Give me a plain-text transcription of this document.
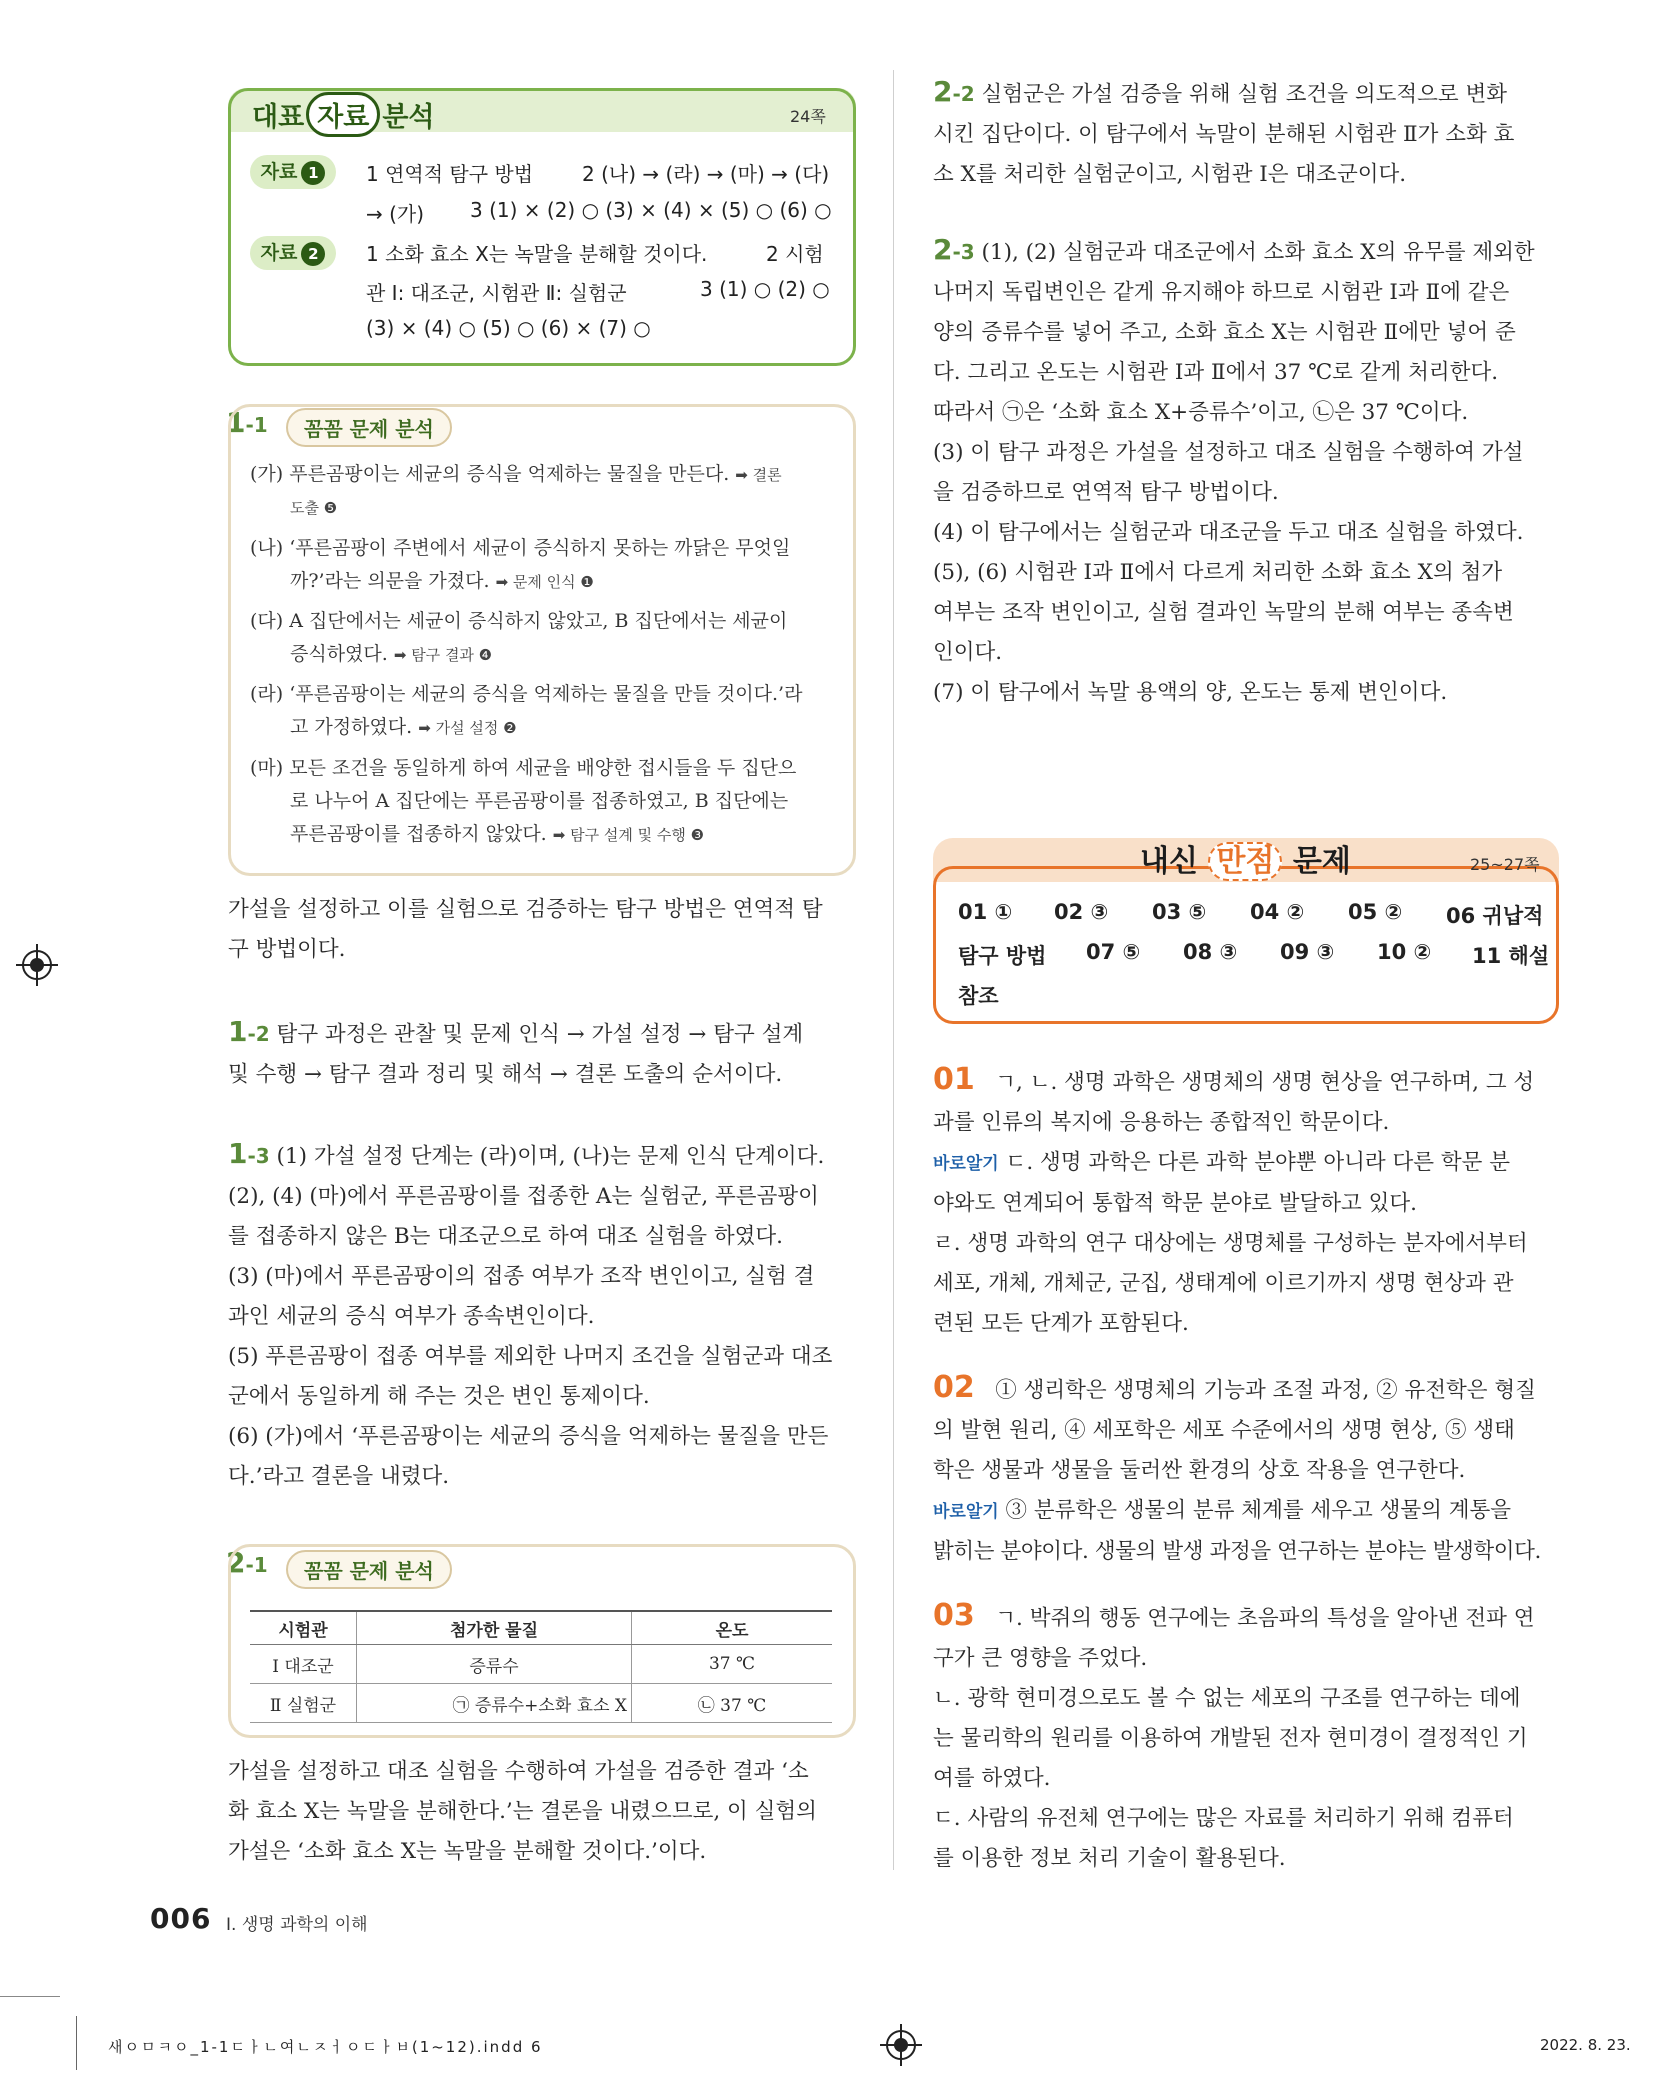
대표 자료 분석	24쪽
자료 1	1 연역적 탐구 방법 2 (나) → (라) → (마) → (다)
→ (가) 3 (1) × (2) ○ (3) × (4) × (5) ○ (6) ○
자료 2	1 소화 효소 X는 녹말을 분해할 것이다.	2 시험
관 Ⅰ: 대조군, 시험관 Ⅱ: 실험군	3 (1) ○ (2) ○
(3) × (4) ○ (5) ○ (6) × (7) ○
1-1	꼼꼼 문제 분석
(가) 푸른곰팡이는 세균의 증식을 억제하는 물질을 만든다. ➡ 결론
도출 ❺
(나) ‘푸른곰팡이 주변에서 세균이 증식하지 못하는 까닭은 무엇일
까?’라는 의문을 가졌다. ➡ 문제 인식 ❶
(다) A 집단에서는 세균이 증식하지 않았고, B 집단에서는 세균이
증식하였다. ➡ 탐구 결과 ❹
(라) ‘푸른곰팡이는 세균의 증식을 억제하는 물질을 만들 것이다.’라
고 가정하였다. ➡ 가설 설정 ❷
(마) 모든 조건을 동일하게 하여 세균을 배양한 접시들을 두 집단으
로 나누어 A 집단에는 푸른곰팡이를 접종하였고, B 집단에는
푸른곰팡이를 접종하지 않았다. ➡ 탐구 설계 및 수행 ❸
가설을 설정하고 이를 실험으로 검증하는 탐구 방법은 연역적 탐
구 방법이다.
1-2 탐구 과정은 관찰 및 문제 인식 → 가설 설정 → 탐구 설계
및 수행 → 탐구 결과 정리 및 해석 → 결론 도출의 순서이다.
1-3 (1) 가설 설정 단계는 (라)이며, (나)는 문제 인식 단계이다.
(2), (4) (마)에서 푸른곰팡이를 접종한 A는 실험군, 푸른곰팡이
를 접종하지 않은 B는 대조군으로 하여 대조 실험을 하였다.
(3) (마)에서 푸른곰팡이의 접종 여부가 조작 변인이고, 실험 결
과인 세균의 증식 여부가 종속변인이다.
(5) 푸른곰팡이 접종 여부를 제외한 나머지 조건을 실험군과 대조
군에서 동일하게 해 주는 것은 변인 통제이다.
(6) (가)에서 ‘푸른곰팡이는 세균의 증식을 억제하는 물질을 만든
다.’라고 결론을 내렸다.
2-1	꼼꼼 문제 분석
시험관	첨가한 물질	온도
Ⅰ 대조군	증류수	37 ℃
Ⅱ 실험군	㉠ 증류수+소화 효소 X	㉡ 37 ℃
가설을 설정하고 대조 실험을 수행하여 가설을 검증한 결과 ‘소
화 효소 X는 녹말을 분해한다.’는 결론을 내렸으므로, 이 실험의
가설은 ‘소화 효소 X는 녹말을 분해할 것이다.’이다.
2-2 실험군은 가설 검증을 위해 실험 조건을 의도적으로 변화
시킨 집단이다. 이 탐구에서 녹말이 분해된 시험관 Ⅱ가 소화 효
소 X를 처리한 실험군이고, 시험관 Ⅰ은 대조군이다.
2-3 (1), (2) 실험군과 대조군에서 소화 효소 X의 유무를 제외한
나머지 독립변인은 같게 유지해야 하므로 시험관 Ⅰ과 Ⅱ에 같은
양의 증류수를 넣어 주고, 소화 효소 X는 시험관 Ⅱ에만 넣어 준
다. 그리고 온도는 시험관 Ⅰ과 Ⅱ에서 37 ℃로 같게 처리한다.
따라서 ㉠은 ‘소화 효소 X+증류수’이고, ㉡은 37 ℃이다.
(3) 이 탐구 과정은 가설을 설정하고 대조 실험을 수행하여 가설
을 검증하므로 연역적 탐구 방법이다.
(4) 이 탐구에서는 실험군과 대조군을 두고 대조 실험을 하였다.
(5), (6) 시험관 Ⅰ과 Ⅱ에서 다르게 처리한 소화 효소 X의 첨가
여부는 조작 변인이고, 실험 결과인 녹말의 분해 여부는 종속변
인이다.
(7) 이 탐구에서 녹말 용액의 양, 온도는 통제 변인이다.
내신 만점 문제	25~27쪽
01 ① 02 ③ 03 ⑤ 04 ② 05 ② 06 귀납적
탐구 방법 07 ⑤ 08 ③ 09 ③ 10 ② 11 해설
참조
01 ㄱ, ㄴ. 생명 과학은 생명체의 생명 현상을 연구하며, 그 성
과를 인류의 복지에 응용하는 종합적인 학문이다.
바로알기 ㄷ. 생명 과학은 다른 과학 분야뿐 아니라 다른 학문 분
야와도 연계되어 통합적 학문 분야로 발달하고 있다.
ㄹ. 생명 과학의 연구 대상에는 생명체를 구성하는 분자에서부터
세포, 개체, 개체군, 군집, 생태계에 이르기까지 생명 현상과 관
련된 모든 단계가 포함된다.
02 ① 생리학은 생명체의 기능과 조절 과정, ② 유전학은 형질
의 발현 원리, ④ 세포학은 세포 수준에서의 생명 현상, ⑤ 생태
학은 생물과 생물을 둘러싼 환경의 상호 작용을 연구한다.
바로알기 ③ 분류학은 생물의 분류 체계를 세우고 생물의 계통을
밝히는 분야이다. 생물의 발생 과정을 연구하는 분야는 발생학이다.
03 ㄱ. 박쥐의 행동 연구에는 초음파의 특성을 알아낸 전파 연
구가 큰 영향을 주었다.
ㄴ. 광학 현미경으로도 볼 수 없는 세포의 구조를 연구하는 데에
는 물리학의 원리를 이용하여 개발된 전자 현미경이 결정적인 기
여를 하였다.
ㄷ. 사람의 유전체 연구에는 많은 자료를 처리하기 위해 컴퓨터
를 이용한 정보 처리 기술이 활용된다.
006 Ⅰ. 생명 과학의 이해
새ㅇㅁㅋㅇ_1-1ㄷㅏㄴ여ㄴㅈㅓㅇㄷㅏㅂ(1~12).indd 6	2022. 8. 23.
